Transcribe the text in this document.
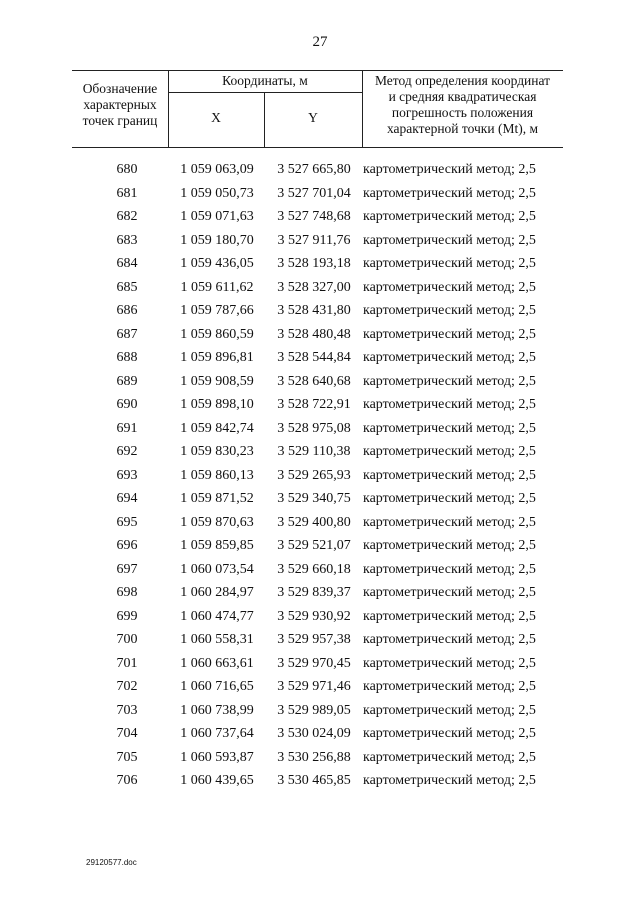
27
Обозначение
характерных
точек границ
Координаты, м
X	Y
Метод определения координат
и средняя квадратическая
погрешность положения
характерной точки (Mt), м
680	1 059 063,09	3 527 665,80 картометрический метод; 2,5
681	1 059 050,73	3 527 701,04 картометрический метод; 2,5
682	1 059 071,63	3 527 748,68 картометрический метод; 2,5
683	1 059 180,70	3 527 911,76 картометрический метод; 2,5
684	1 059 436,05	3 528 193,18 картометрический метод; 2,5
685	1 059 611,62	3 528 327,00 картометрический метод; 2,5
686	1 059 787,66	3 528 431,80 картометрический метод; 2,5
687	1 059 860,59	3 528 480,48 картометрический метод; 2,5
688	1 059 896,81	3 528 544,84 картометрический метод; 2,5
689	1 059 908,59	3 528 640,68 картометрический метод; 2,5
690	1 059 898,10	3 528 722,91 картометрический метод; 2,5
691	1 059 842,74	3 528 975,08 картометрический метод; 2,5
692	1 059 830,23	3 529 110,38 картометрический метод; 2,5
693	1 059 860,13	3 529 265,93 картометрический метод; 2,5
694	1 059 871,52	3 529 340,75 картометрический метод; 2,5
695	1 059 870,63	3 529 400,80 картометрический метод; 2,5
696	1 059 859,85	3 529 521,07 картометрический метод; 2,5
697	1 060 073,54	3 529 660,18 картометрический метод; 2,5
698	1 060 284,97	3 529 839,37 картометрический метод; 2,5
699	1 060 474,77	3 529 930,92 картометрический метод; 2,5
700	1 060 558,31	3 529 957,38 картометрический метод; 2,5
701	1 060 663,61	3 529 970,45 картометрический метод; 2,5
702	1 060 716,65	3 529 971,46 картометрический метод; 2,5
703	1 060 738,99	3 529 989,05 картометрический метод; 2,5
704	1 060 737,64	3 530 024,09 картометрический метод; 2,5
705	1 060 593,87	3 530 256,88 картометрический метод; 2,5
706	1 060 439,65	3 530 465,85 картометрический метод; 2,5
29120577.doc
